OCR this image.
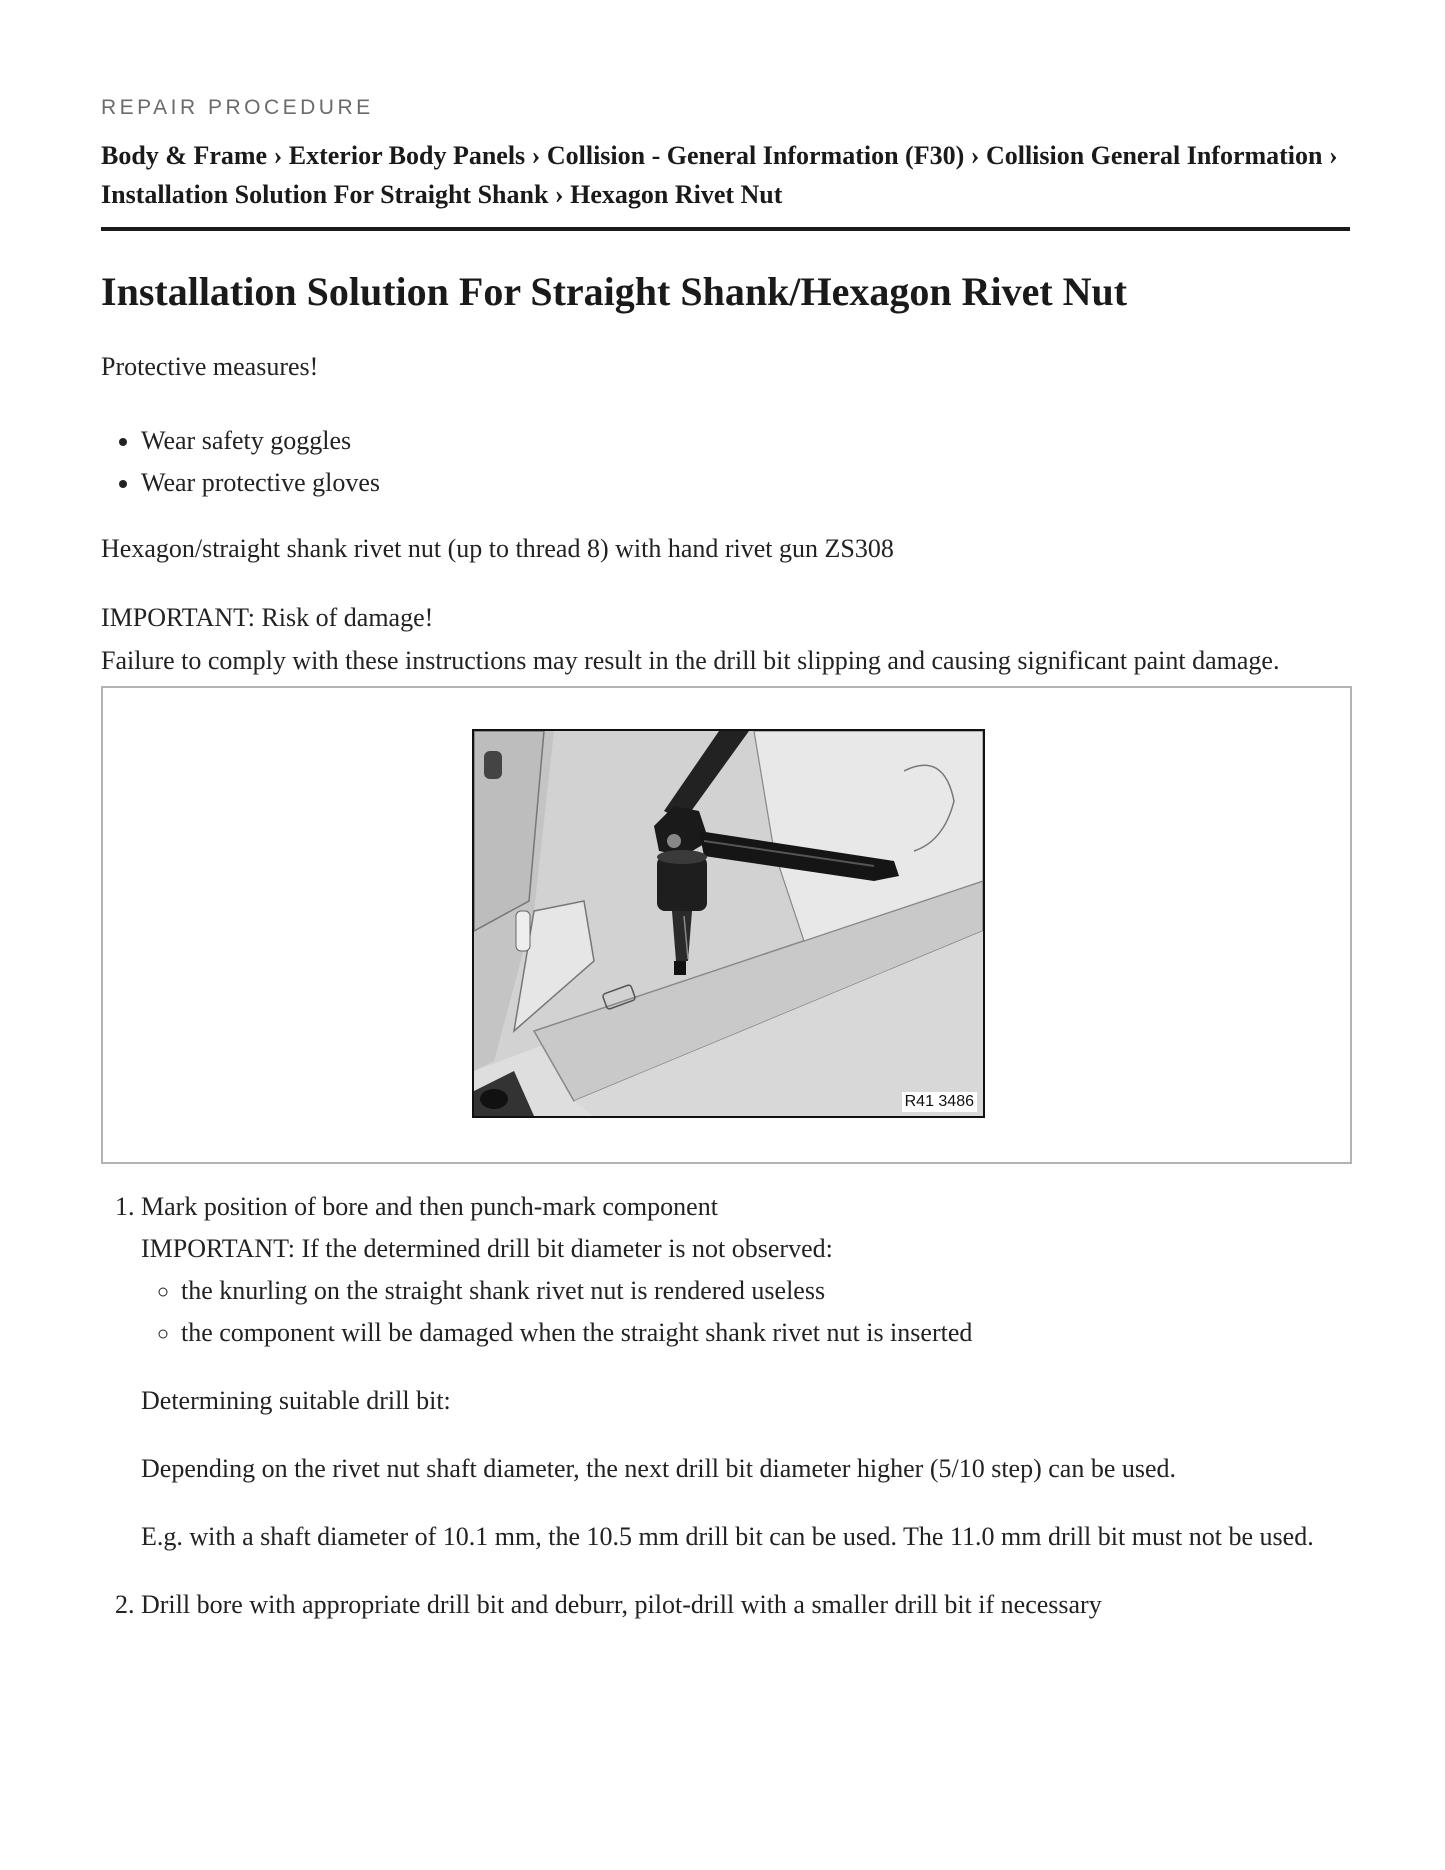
REPAIR PROCEDURE
Body & Frame › Exterior Body Panels › Collision - General Information (F30) › Collision General Information ›
Installation Solution For Straight Shank › Hexagon Rivet Nut
Installation Solution For Straight Shank/Hexagon Rivet Nut

Protective measures!

• Wear safety goggles
• Wear protective gloves

Hexagon/straight shank rivet nut (up to thread 8) with hand rivet gun ZS308

IMPORTANT: Risk of damage!

Failure to comply with these instructions may result in the drill bit slipping and causing significant paint damage.

R41 3486
1. Mark position of bore and then punch-mark component
IMPORTANT: If the determined drill bit diameter is not observed:
◦ the knurling on the straight shank rivet nut is rendered useless
◦ the component will be damaged when the straight shank rivet nut is inserted

Determining suitable drill bit:

Depending on the rivet nut shaft diameter, the next drill bit diameter higher (5/10 step) can be used.

E.g. with a shaft diameter of 10.1 mm, the 10.5 mm drill bit can be used. The 11.0 mm drill bit must not be used.

2. Drill bore with appropriate drill bit and deburr, pilot-drill with a smaller drill bit if necessary
